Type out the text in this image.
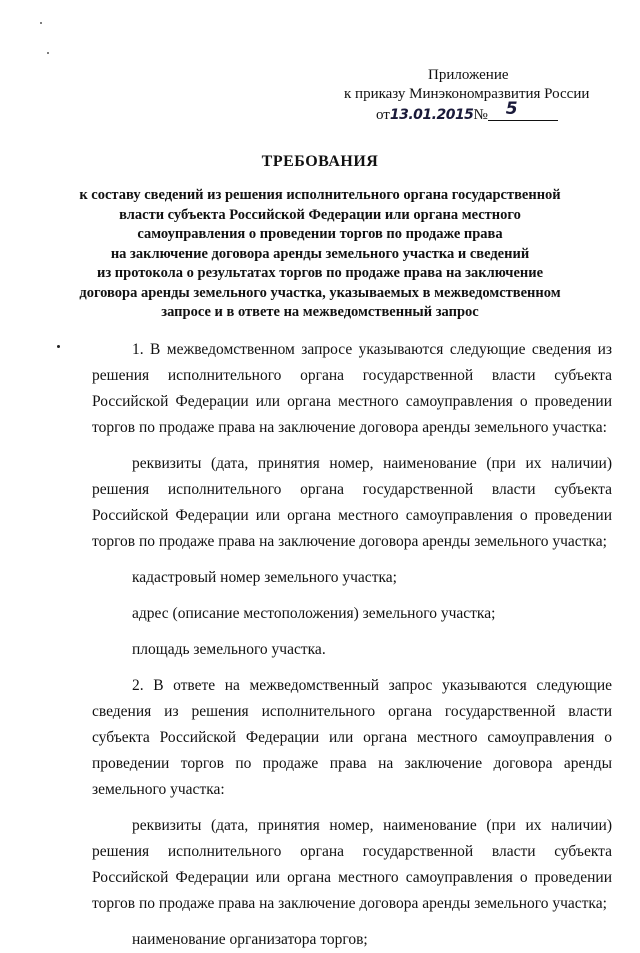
Приложение
к приказу Минэкономразвития России
от13.01.2015№ 5
ТРЕБОВАНИЯ
к составу сведений из решения исполнительного органа государственной
власти субъекта Российской Федерации или органа местного
самоуправления о проведении торгов по продаже права
на заключение договора аренды земельного участка и сведений
из протокола о результатах торгов по продаже права на заключение
договора аренды земельного участка, указываемых в межведомственном
запросе и в ответе на межведомственный запрос

1. В межведомственном запросе указываются следующие сведения из решения исполнительного органа государственной власти субъекта Российской Федерации или органа местного самоуправления о проведении торгов по продаже права на заключение договора аренды земельного участка:

реквизиты (дата, принятия номер, наименование (при их наличии) решения исполнительного органа государственной власти субъекта Российской Федерации или органа местного самоуправления о проведении торгов по продаже права на заключение договора аренды земельного участка;

кадастровый номер земельного участка;

адрес (описание местоположения) земельного участка;

площадь земельного участка.

2. В ответе на межведомственный запрос указываются следующие сведения из решения исполнительного органа государственной власти субъекта Российской Федерации или органа местного самоуправления о проведении торгов по продаже права на заключение договора аренды земельного участка:

реквизиты (дата, принятия номер, наименование (при их наличии) решения исполнительного органа государственной власти субъекта Российской Федерации или органа местного самоуправления о проведении торгов по продаже права на заключение договора аренды земельного участка;

наименование организатора торгов;
